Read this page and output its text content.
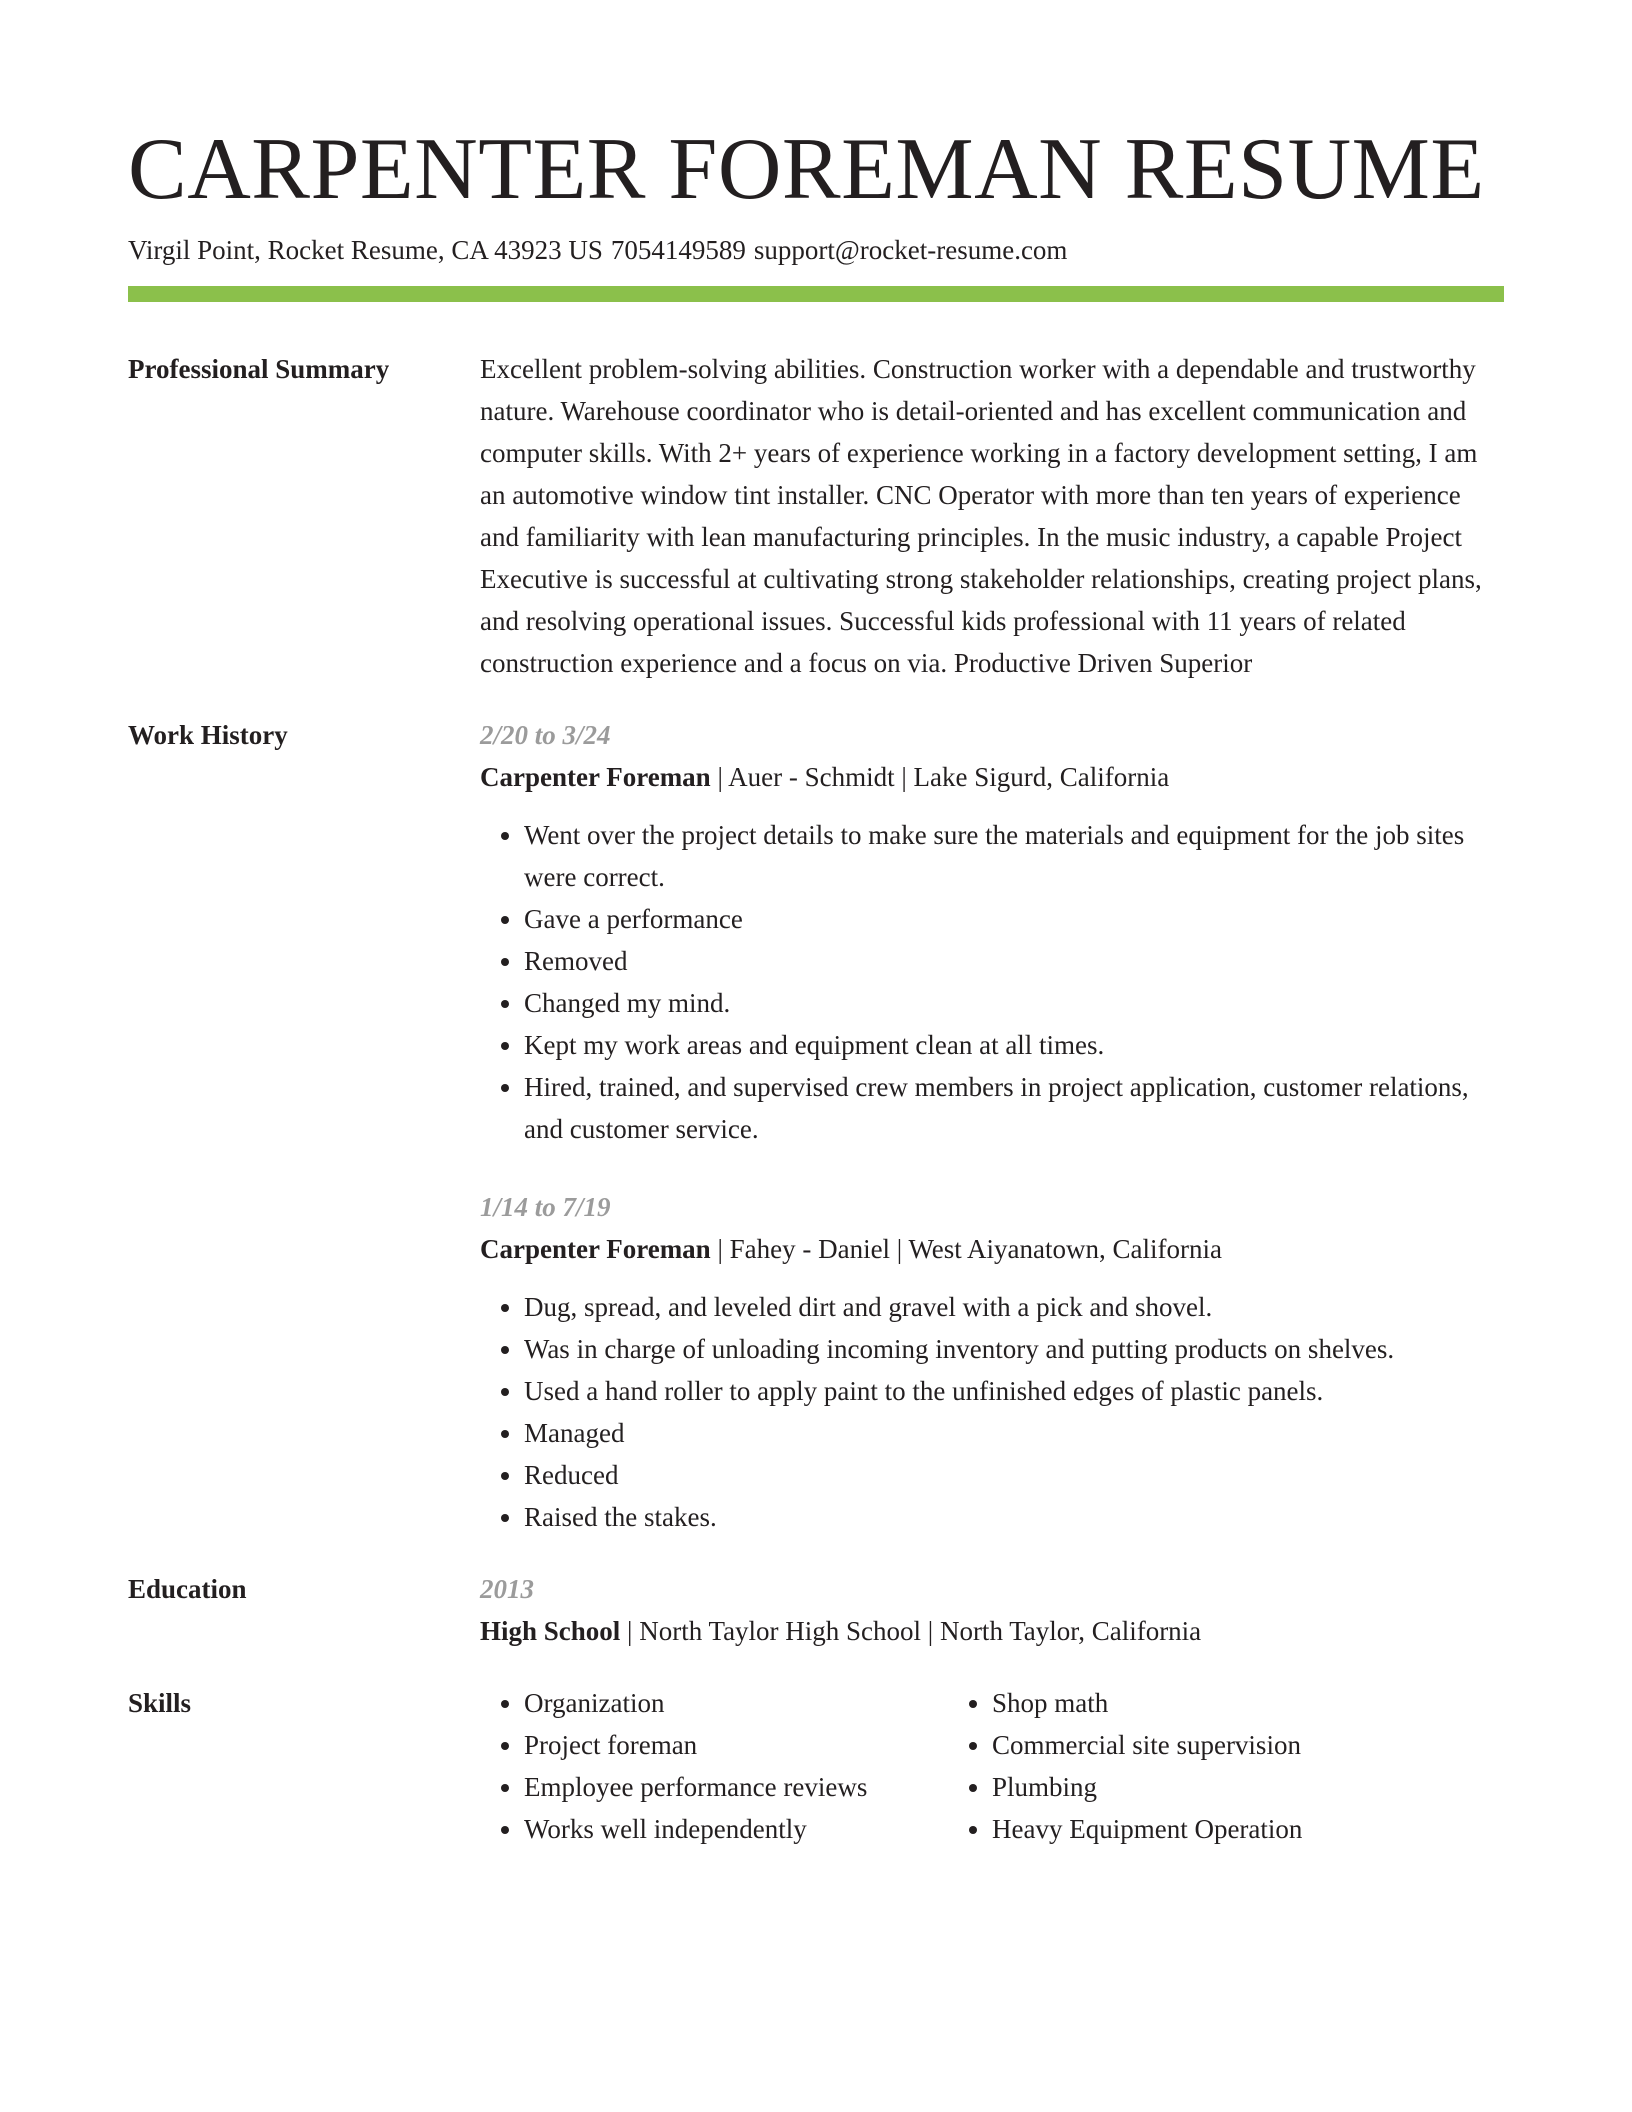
CARPENTER FOREMAN RESUME
Virgil Point, Rocket Resume, CA 43923 US 7054149589 support@rocket-resume.com
Professional Summary	Excellent problem-solving abilities. Construction worker with a dependable and trustworthy nature. Warehouse coordinator who is detail-oriented and has excellent communication and computer skills. With 2+ years of experience working in a factory development setting, I am an automotive window tint installer. CNC Operator with more than ten years of experience and familiarity with lean manufacturing principles. In the music industry, a capable Project Executive is successful at cultivating strong stakeholder relationships, creating project plans, and resolving operational issues. Successful kids professional with 11 years of related construction experience and a focus on via. Productive Driven Superior

Work History	2/20 to 3/24
Carpenter Foreman | Auer - Schmidt | Lake Sigurd, California
• Went over the project details to make sure the materials and equipment for the job sites were correct.
• Gave a performance
• Removed
• Changed my mind.
• Kept my work areas and equipment clean at all times.
• Hired, trained, and supervised crew members in project application, customer relations, and customer service.
1/14 to 7/19
Carpenter Foreman | Fahey - Daniel | West Aiyanatown, California
• Dug, spread, and leveled dirt and gravel with a pick and shovel.
• Was in charge of unloading incoming inventory and putting products on shelves.
• Used a hand roller to apply paint to the unfinished edges of plastic panels.
• Managed
• Reduced
• Raised the stakes.
Education	2013
High School | North Taylor High School | North Taylor, California
Skills
•	Organization
• Project foreman
• Employee performance reviews
• Works well independently
• Shop math
• Commercial site supervision
• Plumbing
• Heavy Equipment Operation
